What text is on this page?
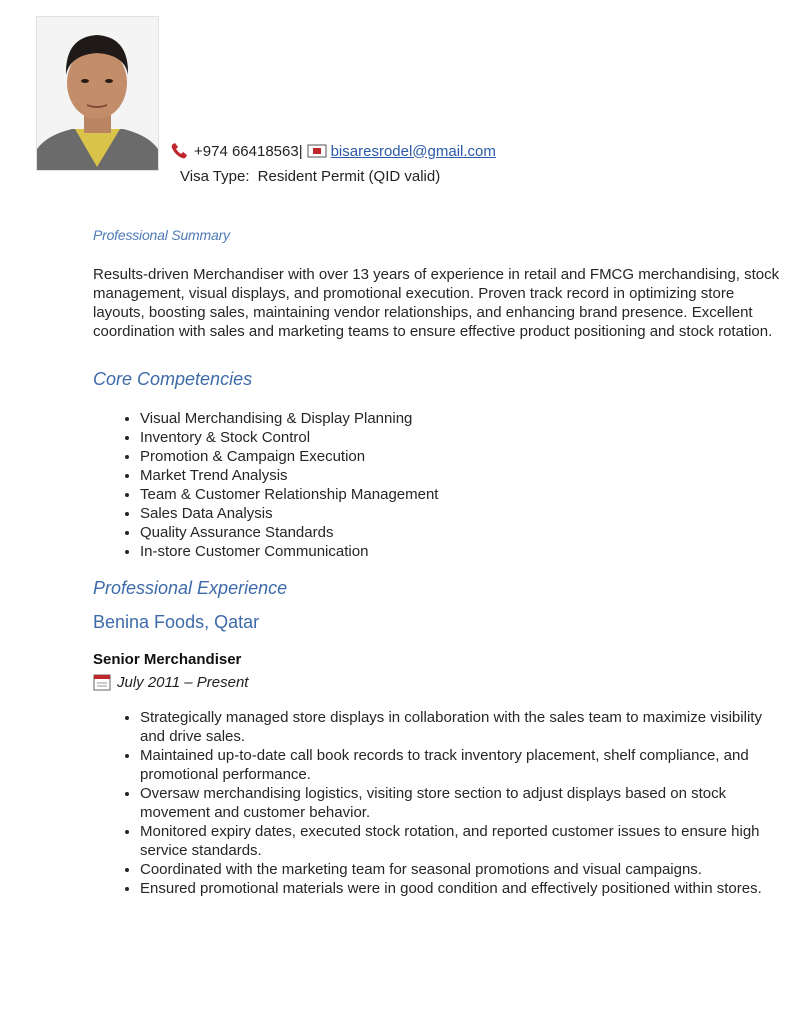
+974 66418563| bisaresrodel@gmail.com
Visa Type: Resident Permit (QID valid)
Professional Summary

Results-driven Merchandiser with over 13 years of experience in retail and FMCG merchandising, stock management, visual displays, and promotional execution. Proven track record in optimizing store layouts, boosting sales, maintaining vendor relationships, and enhancing brand presence. Excellent coordination with sales and marketing teams to ensure effective product positioning and stock rotation.

Core Competencies
• Visual Merchandising & Display Planning
• Inventory & Stock Control
• Promotion & Campaign Execution
• Market Trend Analysis
• Team & Customer Relationship Management
• Sales Data Analysis
• Quality Assurance Standards
• In-store Customer Communication
Professional Experience
Benina Foods, Qatar
Senior Merchandiser
July 2011 – Present
• Strategically managed store displays in collaboration with the sales team to maximize visibility and drive sales.
• Maintained up-to-date call book records to track inventory placement, shelf compliance, and promotional performance.
• Oversaw merchandising logistics, visiting store section to adjust displays based on stock movement and customer behavior.
• Monitored expiry dates, executed stock rotation, and reported customer issues to ensure high service standards.
• Coordinated with the marketing team for seasonal promotions and visual campaigns.
• Ensured promotional materials were in good condition and effectively positioned within stores.
